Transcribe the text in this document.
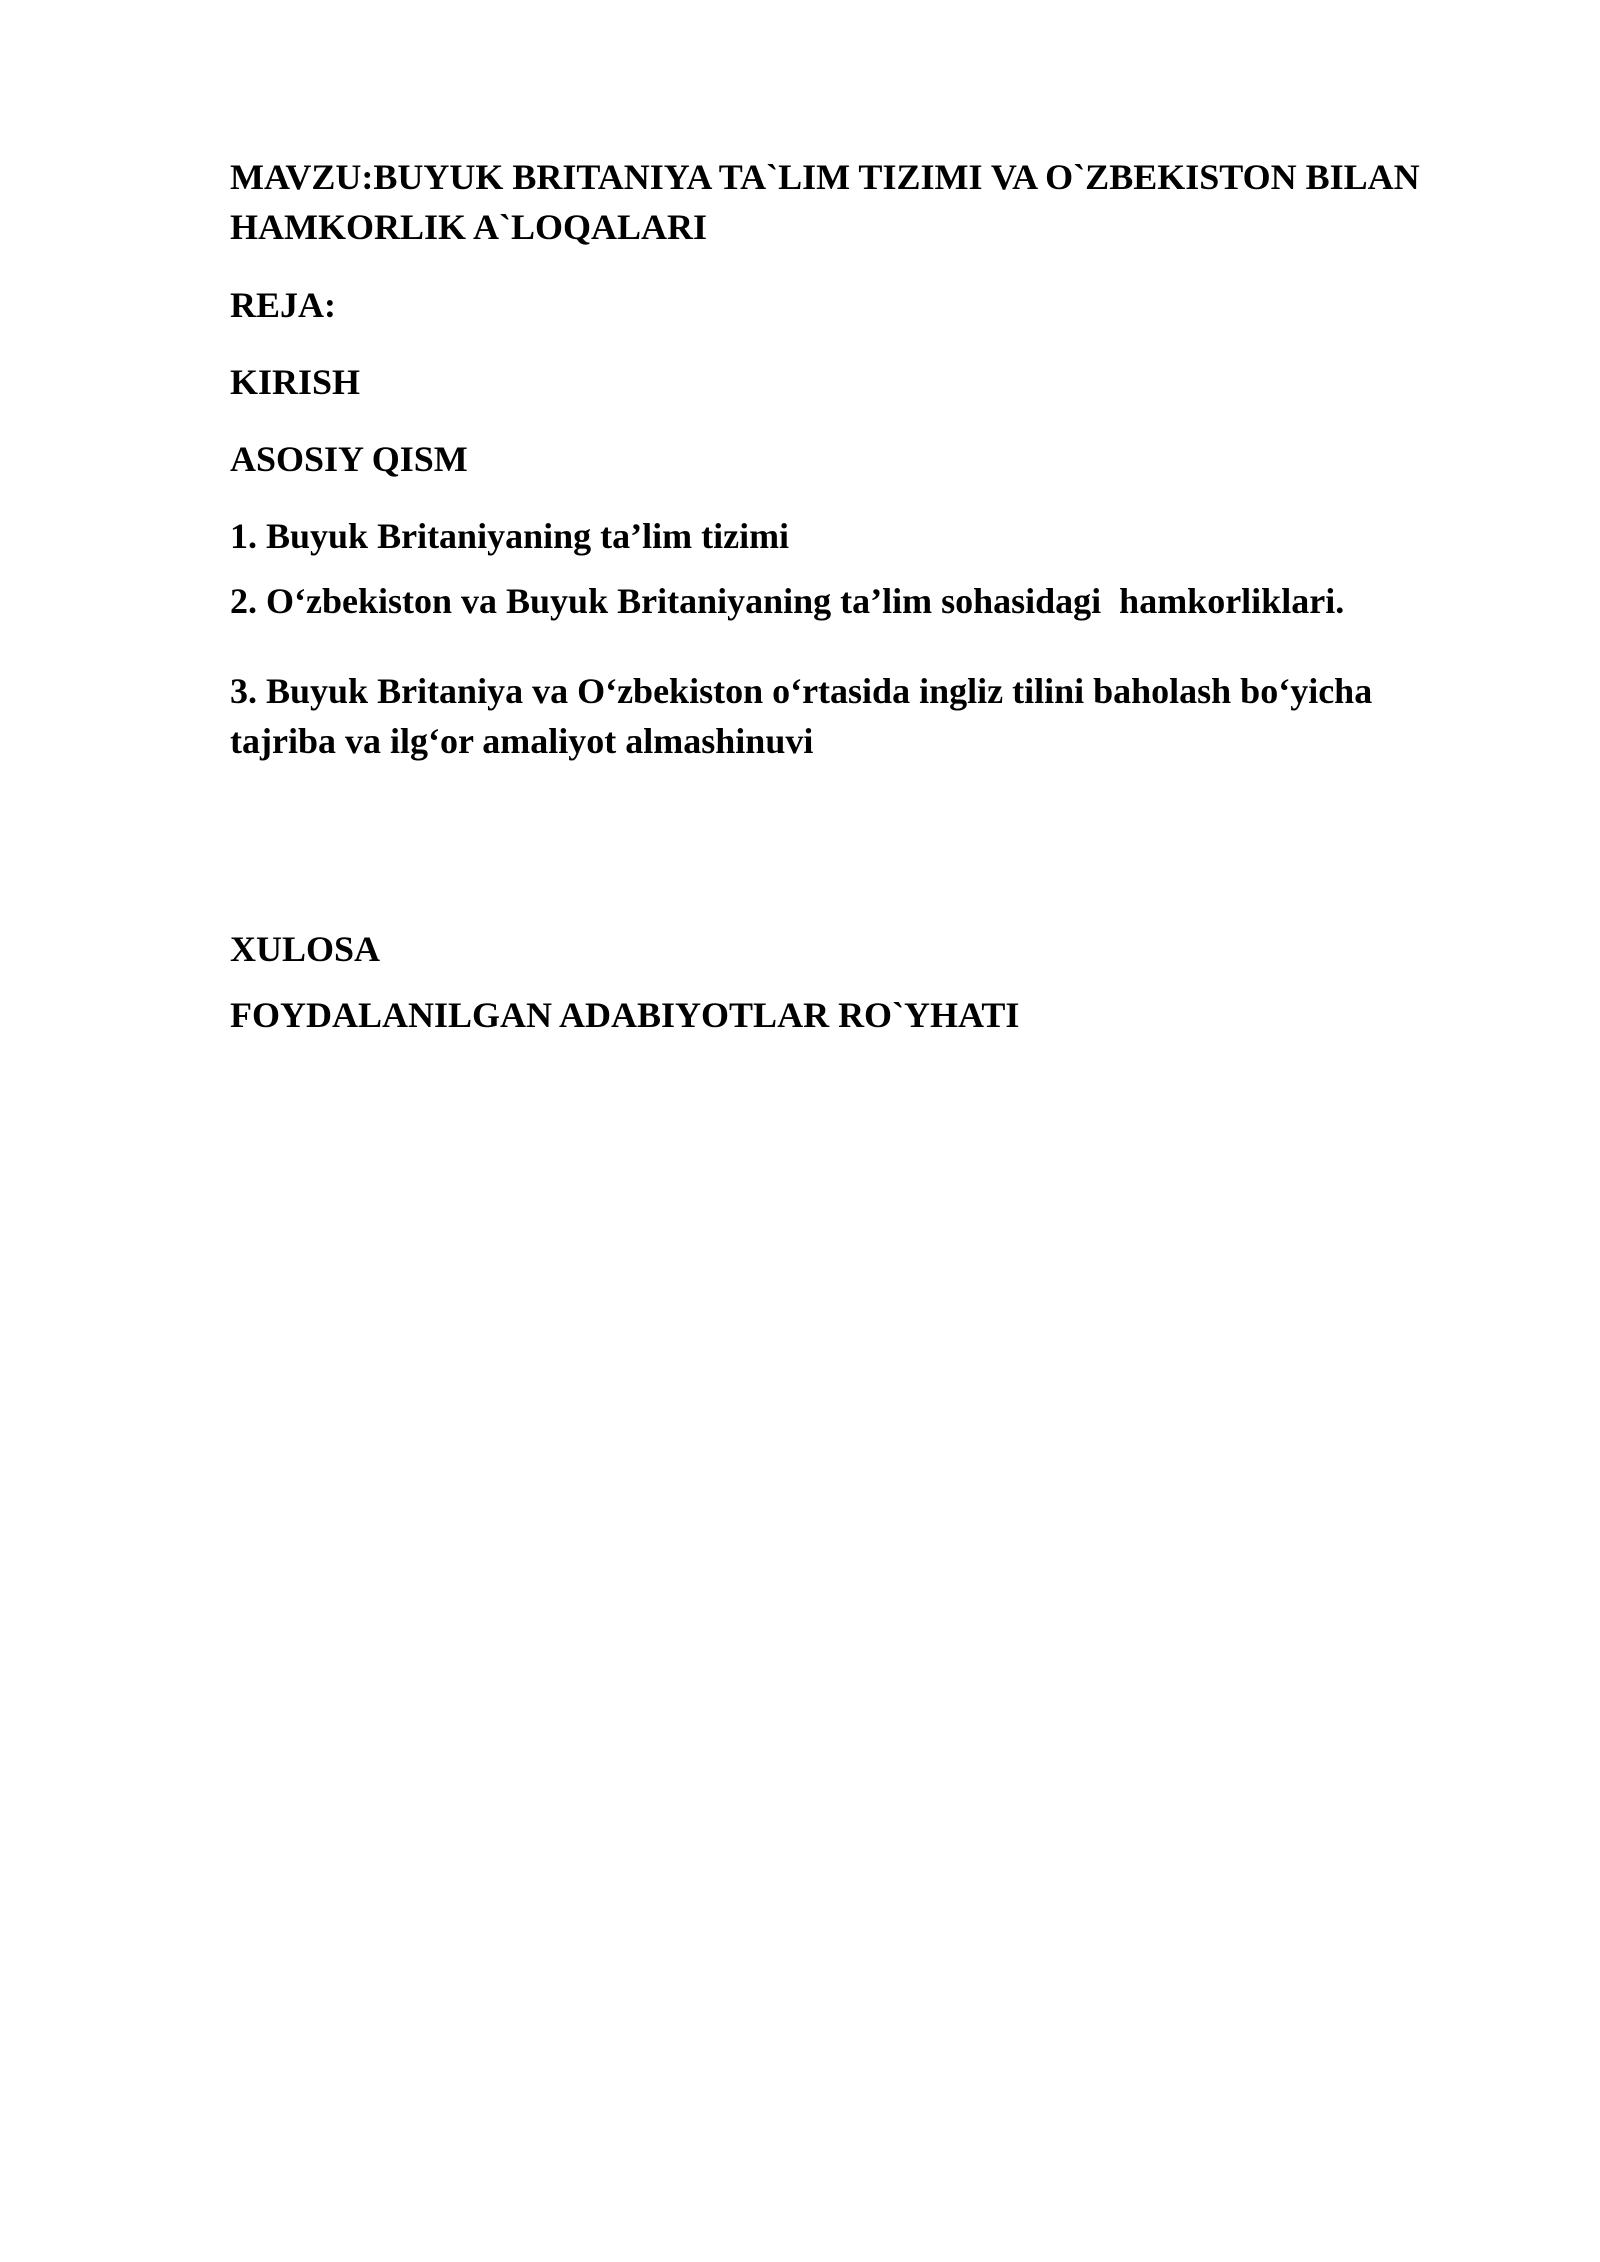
MAVZU:BUYUK BRITANIYA TA`LIM TIZIMI VA O`ZBEKISTON BILAN HAMKORLIK A`LOQALARI

REJA:

KIRISH

ASOSIY QISM

1. Buyuk Britaniyaning ta’lim tizimi

2. O‘zbekiston va Buyuk Britaniyaning ta’lim sohasidagi  hamkorliklari.

3. Buyuk Britaniya va O‘zbekiston o‘rtasida ingliz tilini baholash bo‘yicha tajriba va ilg‘or amaliyot almashinuvi

XULOSA

FOYDALANILGAN ADABIYOTLAR RO`YHATI
